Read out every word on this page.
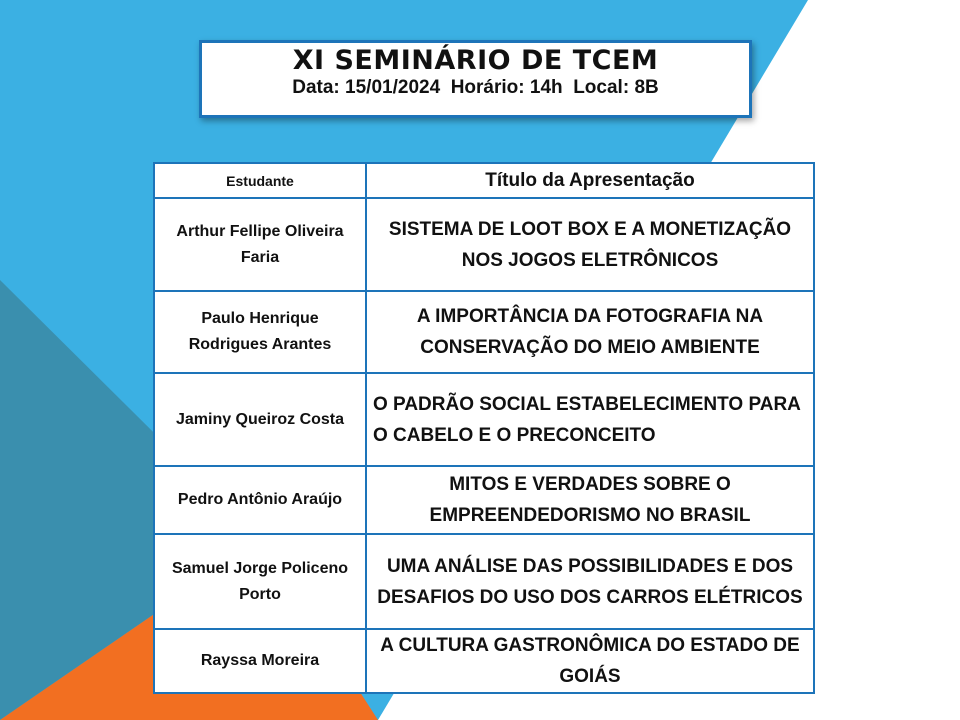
XI SEMINÁRIO DE TCEM
Data: 15/01/2024 Horário: 14h Local: 8B
Estudante	Título da Apresentação
Arthur Fellipe Oliveira Faria	SISTEMA DE LOOT BOX E A MONETIZAÇÃO NOS JOGOS ELETRÔNICOS
Paulo Henrique Rodrigues Arantes	A IMPORTÂNCIA DA FOTOGRAFIA NA CONSERVAÇÃO DO MEIO AMBIENTE
Jaminy Queiroz Costa	O PADRÃO SOCIAL ESTABELECIMENTO PARA O CABELO E O PRECONCEITO
Pedro Antônio Araújo	MITOS E VERDADES SOBRE O EMPREENDEDORISMO NO BRASIL
Samuel Jorge Policeno Porto	UMA ANÁLISE DAS POSSIBILIDADES E DOS DESAFIOS DO USO DOS CARROS ELÉTRICOS
Rayssa Moreira	A CULTURA GASTRONÔMICA DO ESTADO DE GOIÁS
